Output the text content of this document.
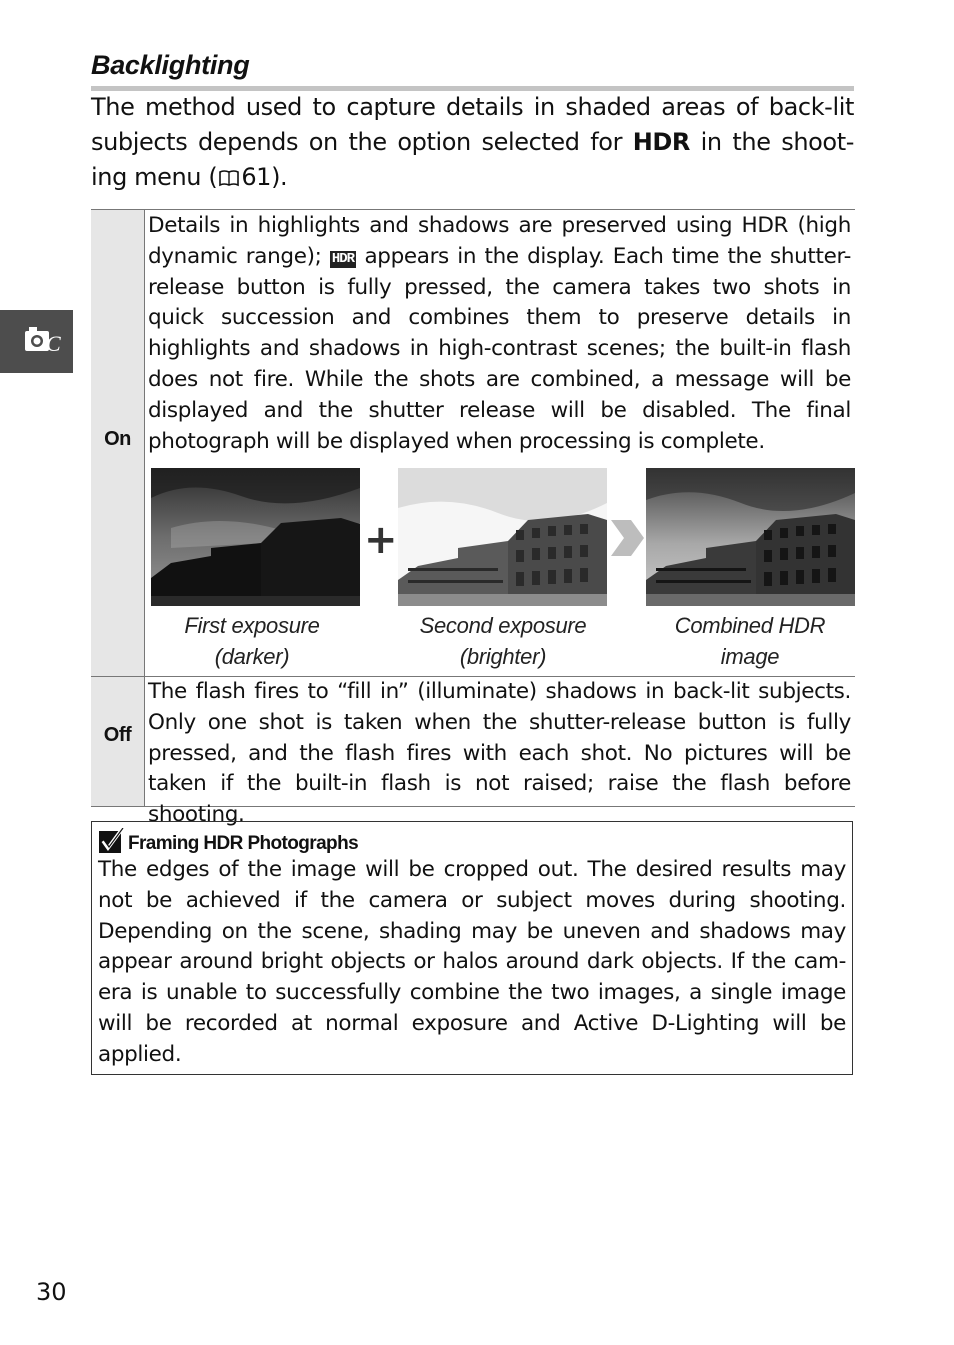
Backlighting
The method used to capture details in shaded areas of back-lit subjects depends on the option selected for HDR in the shoot-ing menu ( 61).
C
On
Details in highlights and shadows are preserved using HDR (high dynamic range); HDR appears in the display. Each time the shutter-release button is fully pressed, the camera takes two shots in quick succession and combines them to preserve details in highlights and shadows in high-contrast scenes; the built-in flash does not fire. While the shots are combined, a message will be displayed and the shutter release will be disabled. The final photograph will be displayed when processing is complete.
+
First exposure
(darker)
Second exposure
(brighter)
Combined HDR
image
Off
The flash fires to “fill in” (illuminate) shadows in back-lit subjects. Only one shot is taken when the shutter-release button is fully pressed, and the flash fires with each shot. No pictures will be taken if the built-in flash is not raised; raise the flash before shooting.
Framing HDR Photographs
The edges of the image will be cropped out. The desired results may not be achieved if the camera or subject moves during shooting. Depending on the scene, shading may be uneven and shadows may appear around bright objects or halos around dark objects. If the cam-era is unable to successfully combine the two images, a single image will be recorded at normal exposure and Active D-Lighting will be applied.
30
